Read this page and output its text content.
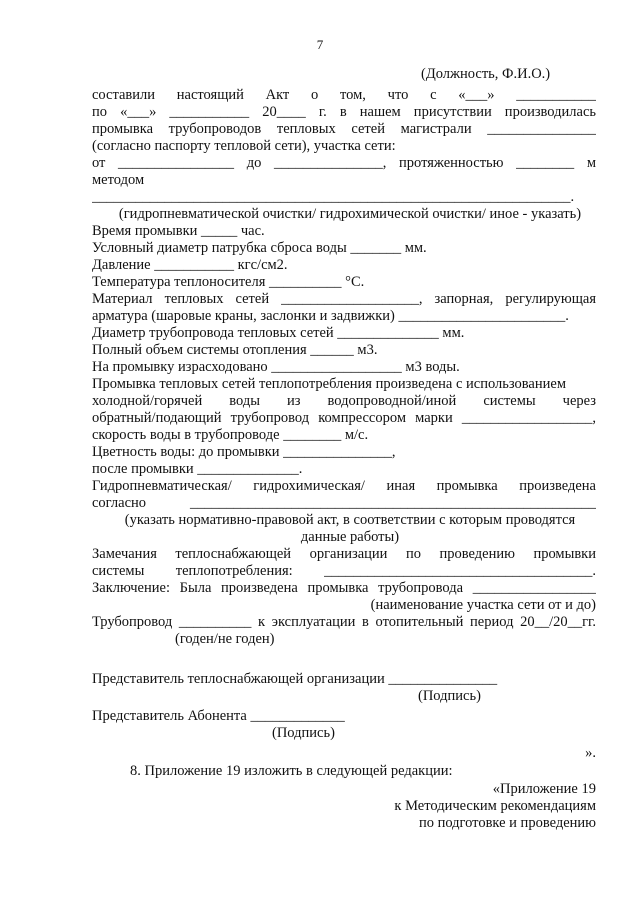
7
(Должность, Ф.И.О.)
составили настоящий Акт о том, что с «___» ___________
по «___» ___________ 20____ г. в нашем присутствии производилась
промывка трубопроводов тепловых сетей магистрали _______________
(согласно паспорту тепловой сети), участка сети:
от ________________ до _______________, протяженностью ________ м
методом
__________________________________________________________________.
(гидропневматической очистки/ гидрохимической очистки/ иное - указать)
Время промывки _____ час.
Условный диаметр патрубка сброса воды _______ мм.
Давление ___________ кгс/см2.
Температура теплоносителя __________ °С.
Материал тепловых сетей ___________________, запорная, регулирующая
арматура (шаровые краны, заслонки и задвижки) _______________________.
Диаметр трубопровода тепловых сетей ______________ мм.
Полный объем системы отопления ______ м3.
На промывку израсходовано __________________ м3 воды.
Промывка тепловых сетей теплопотребления произведена с использованием
холодной/горячей воды из водопроводной/иной системы через
обратный/подающий трубопровод компрессором марки __________________,
скорость воды в трубопроводе ________ м/с.
Цветность воды: до промывки _______________,
после промывки ______________.
Гидропневматическая/ гидрохимическая/ иная промывка произведена
согласно ________________________________________________________
(указать нормативно-правовой акт, в соответствии с которым проводятся
данные работы)
Замечания теплоснабжающей организации по проведению промывки
системы теплопотребления: _____________________________________.
Заключение: Была произведена промывка трубопровода _________________
(наименование участка сети от и до)
Трубопровод __________ к эксплуатации в отопительный период 20__/20__гг.
(годен/не годен)
Представитель теплоснабжающей организации _______________
(Подпись)
Представитель Абонента _____________
(Подпись)
».
8. Приложение 19 изложить в следующей редакции:
«Приложение 19
к Методическим рекомендациям
по подготовке и проведению
